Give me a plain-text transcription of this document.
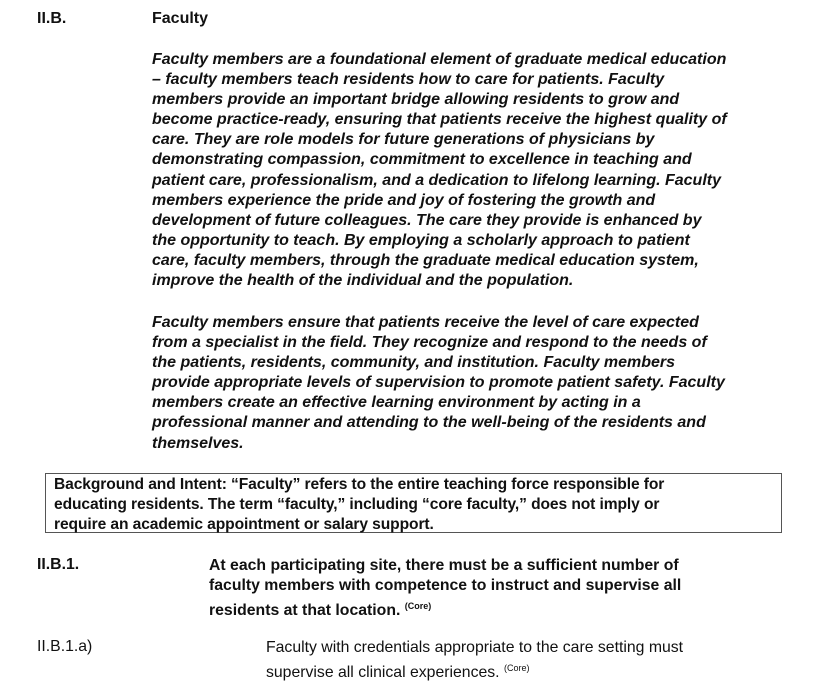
II.B.	Faculty
Faculty members are a foundational element of graduate medical education
– faculty members teach residents how to care for patients. Faculty
members provide an important bridge allowing residents to grow and
become practice-ready, ensuring that patients receive the highest quality of
care. They are role models for future generations of physicians by
demonstrating compassion, commitment to excellence in teaching and
patient care, professionalism, and a dedication to lifelong learning. Faculty
members experience the pride and joy of fostering the growth and
development of future colleagues. The care they provide is enhanced by
the opportunity to teach. By employing a scholarly approach to patient
care, faculty members, through the graduate medical education system,
improve the health of the individual and the population.
Faculty members ensure that patients receive the level of care expected
from a specialist in the field. They recognize and respond to the needs of
the patients, residents, community, and institution. Faculty members
provide appropriate levels of supervision to promote patient safety. Faculty
members create an effective learning environment by acting in a
professional manner and attending to the well-being of the residents and
themselves.
Background and Intent: “Faculty” refers to the entire teaching force responsible for
educating residents. The term “faculty,” including “core faculty,” does not imply or
require an academic appointment or salary support.
II.B.1.	At each participating site, there must be a sufficient number of
faculty members with competence to instruct and supervise all
residents at that location. $^{(Core)}$
II.B.1.a)	Faculty with credentials appropriate to the care setting must
supervise all clinical experiences. $^{(Core)}$
